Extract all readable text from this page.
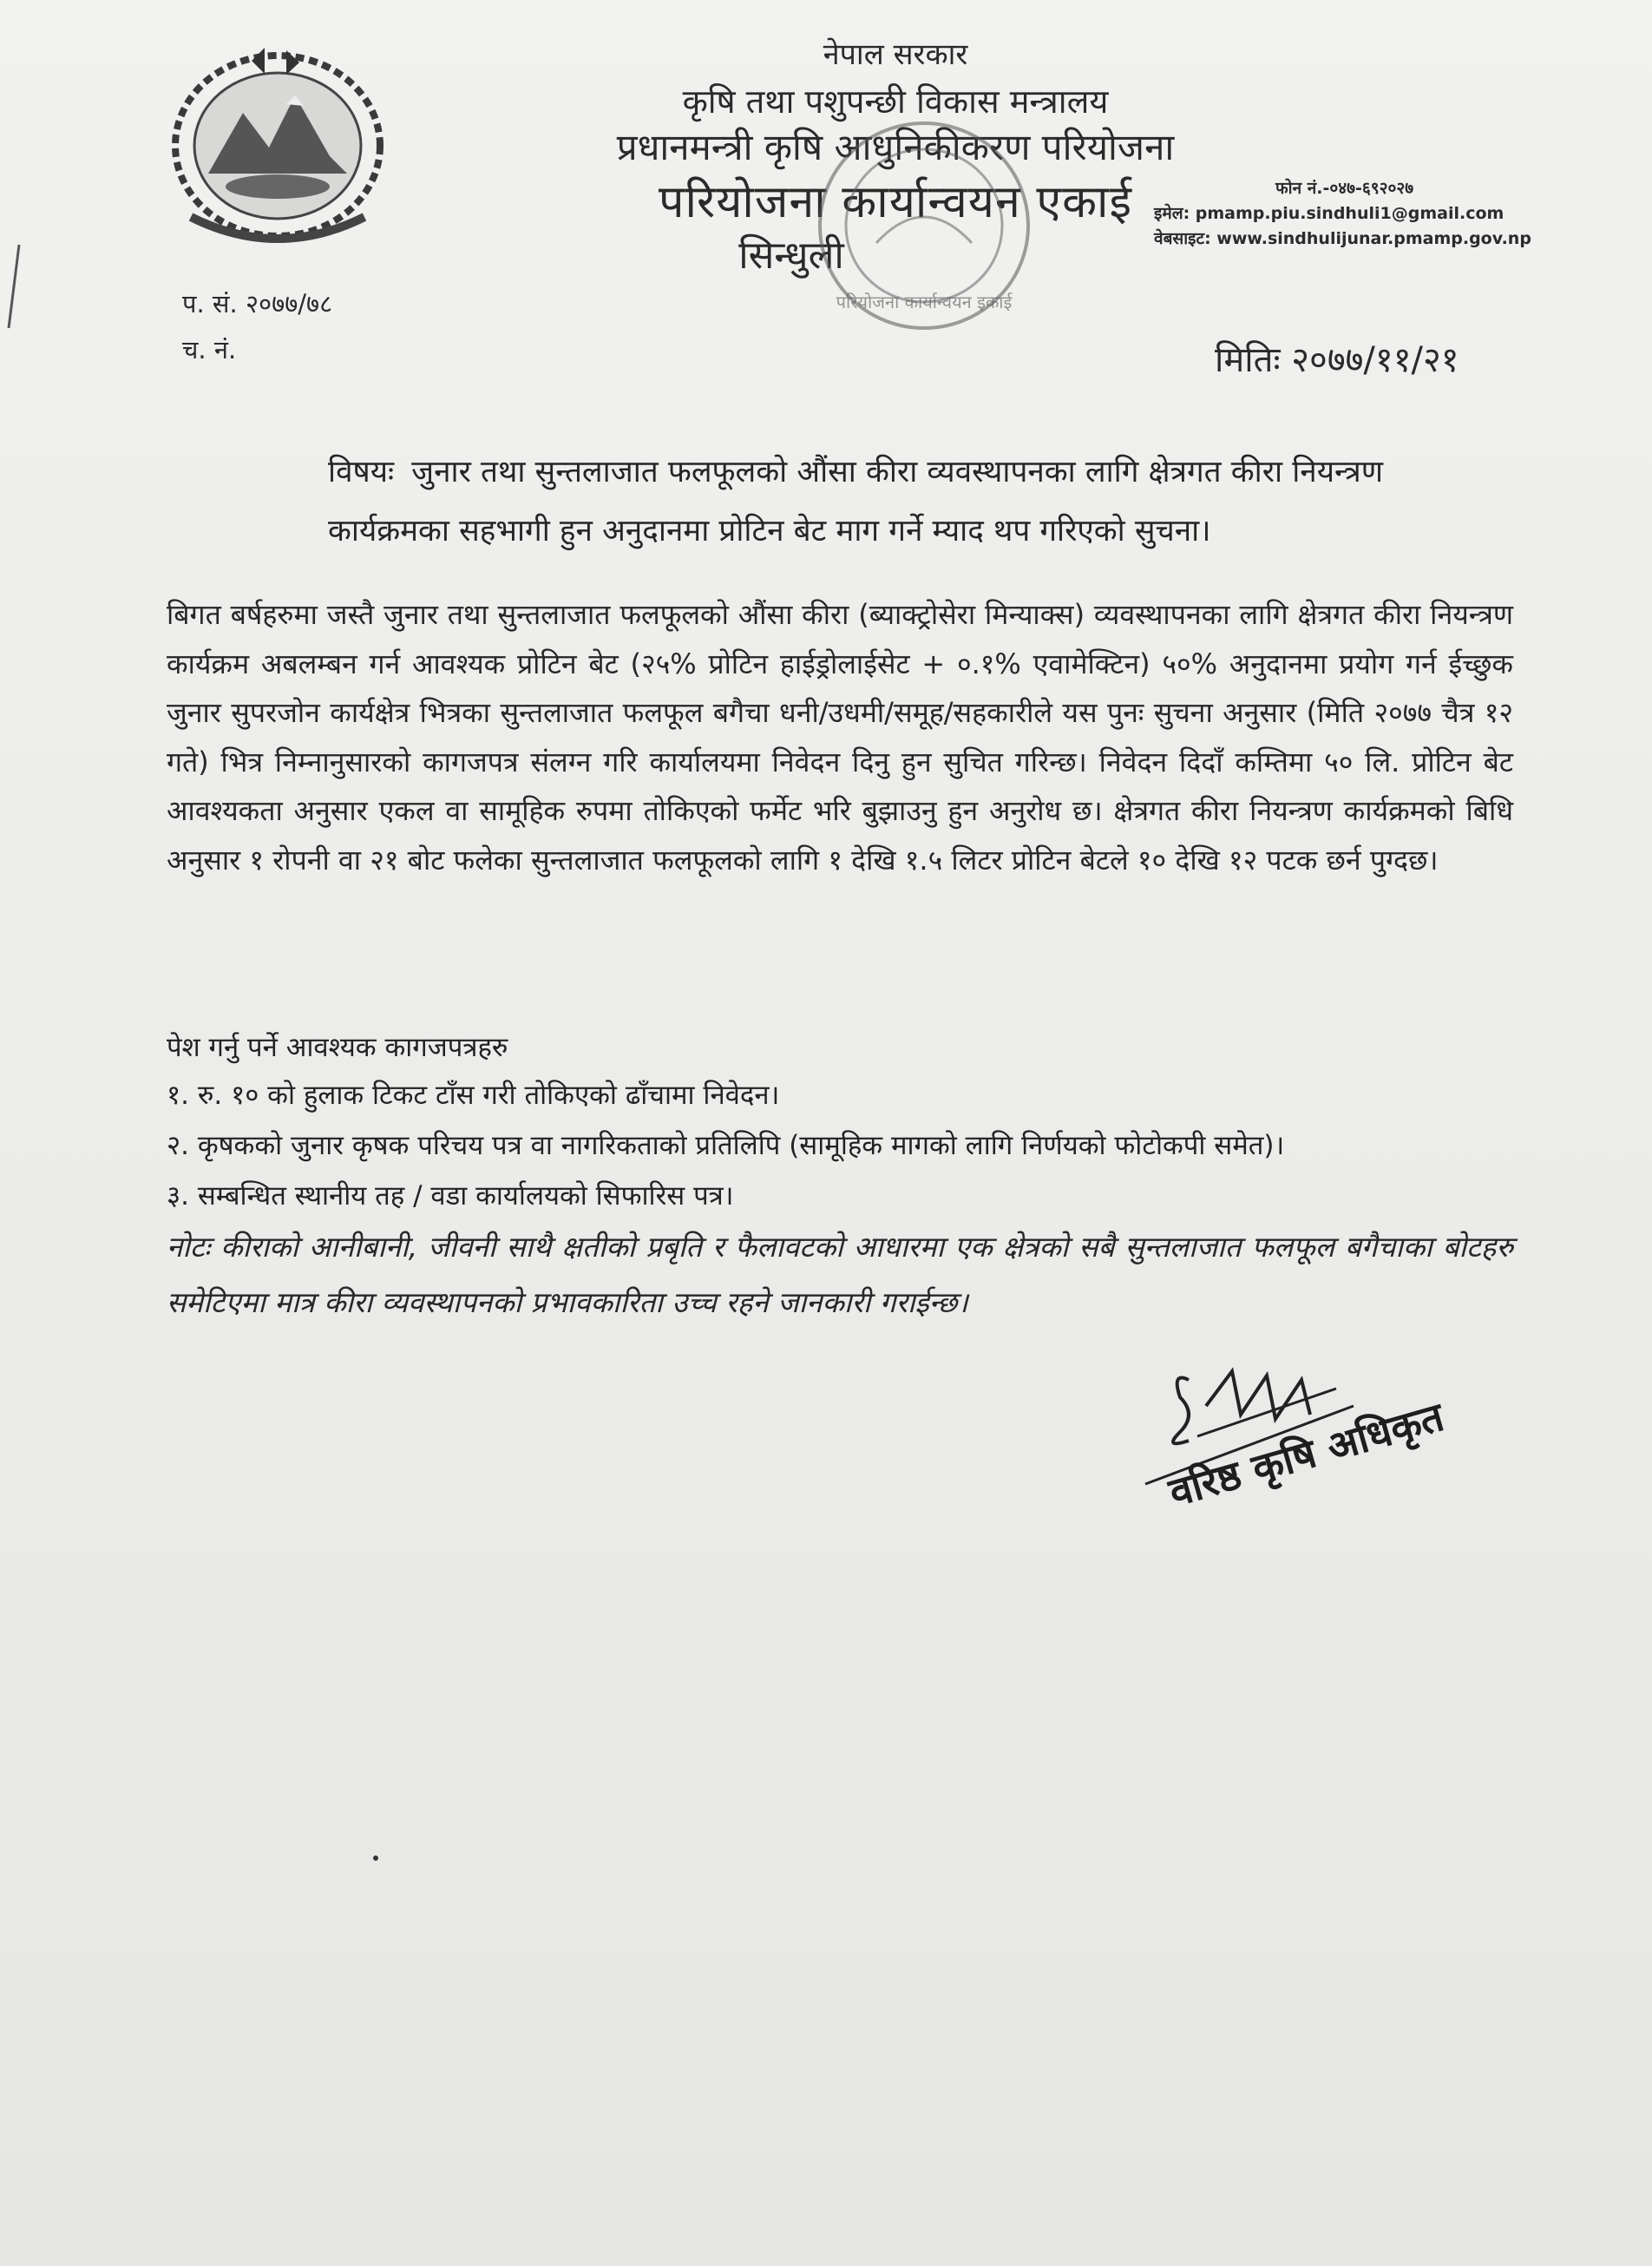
नेपाल सरकार
कृषि तथा पशुपन्छी विकास मन्त्रालय
प्रधानमन्त्री कृषि आधुनिकीकरण परियोजना
परियोजना कार्यान्वयन एकाई
सिन्धुली
परियोजना कार्यान्वयन इकाई
फोन नं.-०४७-६९२०२७
इमेल: pmamp.piu.sindhuli1@gmail.com
वेबसाइट: www.sindhulijunar.pmamp.gov.np
प. सं. २०७७/७८
च. नं.	मितिः २०७७/११/२१
विषयः जुनार तथा सुन्तलाजात फलफूलको औंसा कीरा व्यवस्थापनका लागि क्षेत्रगत कीरा नियन्त्रण कार्यक्रमका सहभागी हुन अनुदानमा प्रोटिन बेट माग गर्ने म्याद थप गरिएको सुचना।
बिगत बर्षहरुमा जस्तै जुनार तथा सुन्तलाजात फलफूलको औंसा कीरा (ब्याक्ट्रोसेरा मिन्याक्स) व्यवस्थापनका लागि क्षेत्रगत कीरा नियन्त्रण कार्यक्रम अबलम्बन गर्न आवश्यक प्रोटिन बेट (२५% प्रोटिन हाईड्रोलाईसेट + ०.१% एवामेक्टिन) ५०% अनुदानमा प्रयोग गर्न ईच्छुक जुनार सुपरजोन कार्यक्षेत्र भित्रका सुन्तलाजात फलफूल बगैचा धनी/उधमी/समूह/सहकारीले यस पुनः सुचना अनुसार (मिति २०७७ चैत्र १२ गते) भित्र निम्नानुसारको कागजपत्र संलग्न गरि कार्यालयमा निवेदन दिनु हुन सुचित गरिन्छ। निवेदन दिदाँ कम्तिमा ५० लि. प्रोटिन बेट आवश्यकता अनुसार एकल वा सामूहिक रुपमा तोकिएको फर्मेट भरि बुझाउनु हुन अनुरोध छ। क्षेत्रगत कीरा नियन्त्रण कार्यक्रमको बिधि अनुसार १ रोपनी वा २१ बोट फलेका सुन्तलाजात फलफूलको लागि १ देखि १.५ लिटर प्रोटिन बेटले १० देखि १२ पटक छर्न पुग्दछ।
पेश गर्नु पर्ने आवश्यक कागजपत्रहरु
१. रु. १० को हुलाक टिकट टाँस गरी तोकिएको ढाँचामा निवेदन।
२. कृषकको जुनार कृषक परिचय पत्र वा नागरिकताको प्रतिलिपि (सामूहिक मागको लागि निर्णयको फोटोकपी समेत)।
३. सम्बन्धित स्थानीय तह / वडा कार्यालयको सिफारिस पत्र।
नोटः कीराको आनीबानी, जीवनी साथै क्षतीको प्रबृति र फैलावटको आधारमा एक क्षेत्रको सबै सुन्तलाजात फलफूल बगैचाका बोटहरु समेटिएमा मात्र कीरा व्यवस्थापनको प्रभावकारिता उच्च रहने जानकारी गराईन्छ।
वरिष्ठ कृषि अधिकृत
